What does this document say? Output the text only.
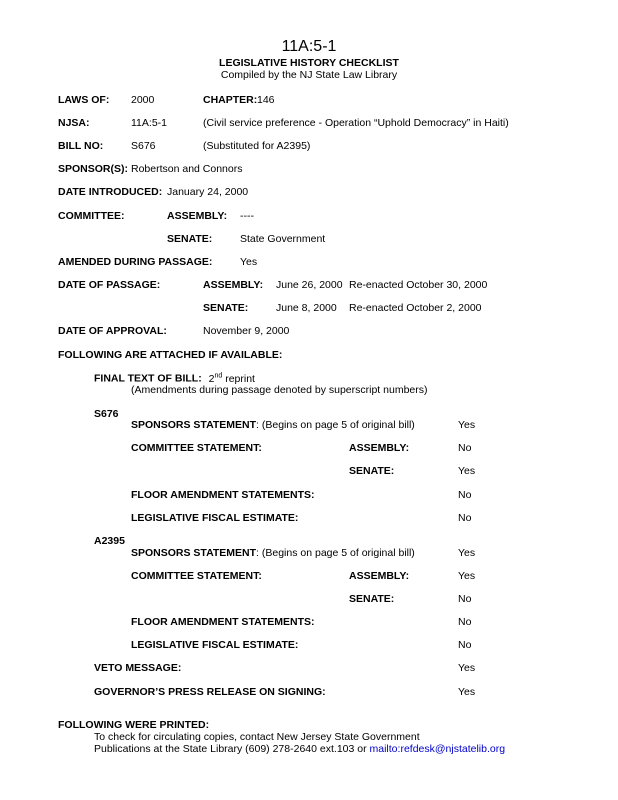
11A:5-1
LEGISLATIVE HISTORY CHECKLIST
Compiled by the NJ State Law Library
LAWS OF: 2000	CHAPTER: 146
NJSA:	11A:5-1	(Civil service preference - Operation “Uphold Democracy” in Haiti)
BILL NO:	S676	(Substituted for A2395)
SPONSOR(S): Robertson and Connors
DATE INTRODUCED: January 24, 2000
COMMITTEE:	ASSEMBLY: ----
SENATE:	State Government
AMENDED DURING PASSAGE:	Yes
DATE OF PASSAGE:	ASSEMBLY: June 26, 2000 Re-enacted October 30, 2000
SENATE:	June 8, 2000 Re-enacted October 2, 2000
DATE OF APPROVAL:	November 9, 2000
FOLLOWING ARE ATTACHED IF AVAILABLE:
FINAL TEXT OF BILL: 2nd reprint
(Amendments during passage denoted by superscript numbers)
S676
SPONSORS STATEMENT: (Begins on page 5 of original bill)	Yes
COMMITTEE STATEMENT:	ASSEMBLY:	No
SENATE:	Yes
FLOOR AMENDMENT STATEMENTS:	No
LEGISLATIVE FISCAL ESTIMATE:	No
A2395
SPONSORS STATEMENT: (Begins on page 5 of original bill)	Yes
COMMITTEE STATEMENT:	ASSEMBLY:	Yes
SENATE:	No
FLOOR AMENDMENT STATEMENTS:	No
LEGISLATIVE FISCAL ESTIMATE:	No
VETO MESSAGE:	Yes
GOVERNOR’S PRESS RELEASE ON SIGNING:	Yes
FOLLOWING WERE PRINTED:
To check for circulating copies, contact New Jersey State Government
Publications at the State Library (609) 278-2640 ext.103 or mailto:refdesk@njstatelib.org
